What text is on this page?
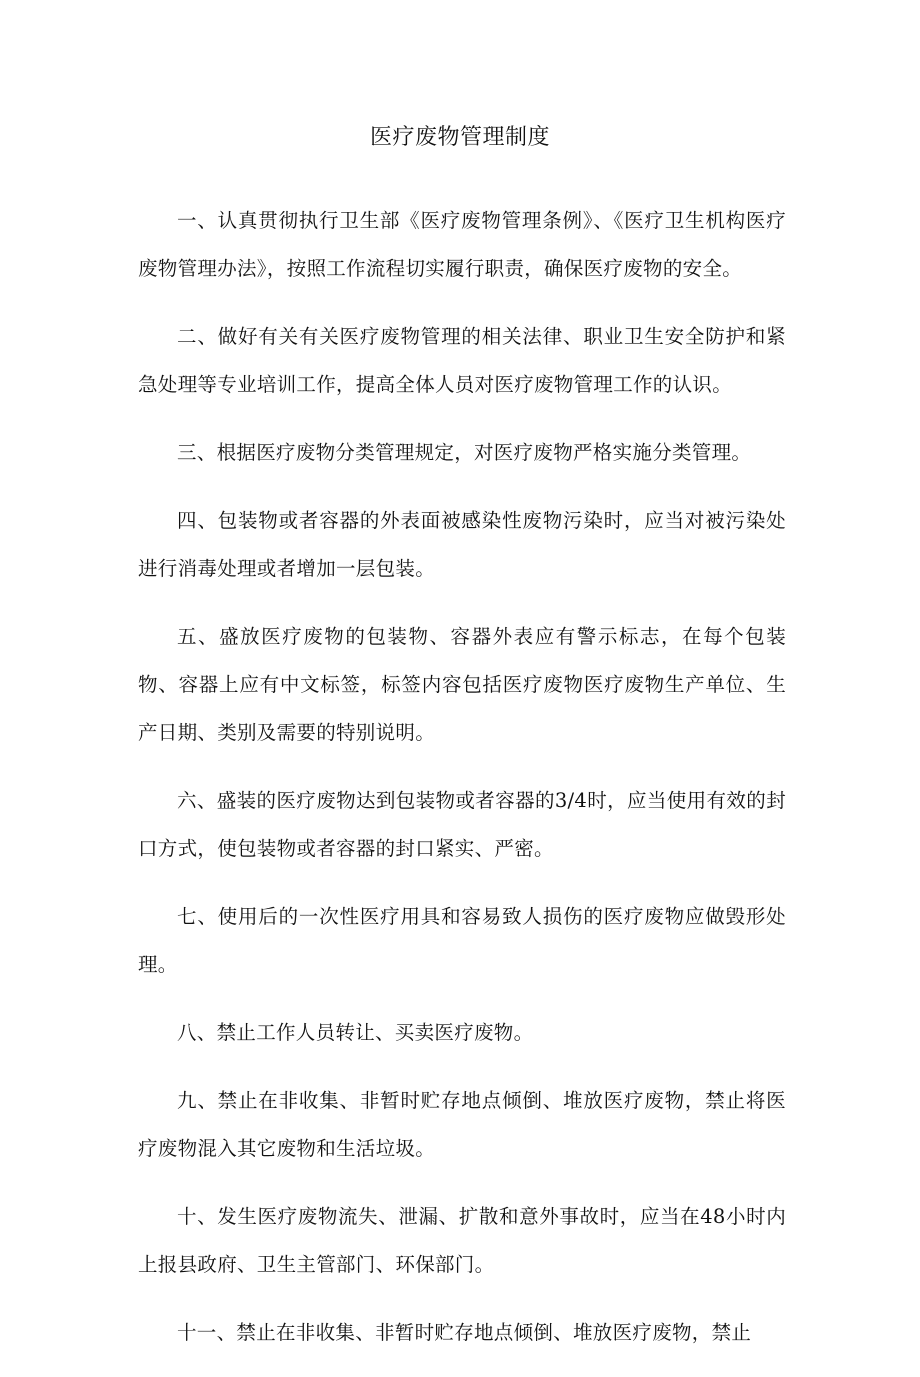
医疗废物管理制度

一、认真贯彻执行卫生部《医疗废物管理条例》、《医疗卫生机构医疗废物管理办法》，按照工作流程切实履行职责，确保医疗废物的安全。

二、做好有关有关医疗废物管理的相关法律、职业卫生安全防护和紧急处理等专业培训工作，提高全体人员对医疗废物管理工作的认识。

三、根据医疗废物分类管理规定，对医疗废物严格实施分类管理。

四、包装物或者容器的外表面被感染性废物污染时，应当对被污染处进行消毒处理或者增加一层包装。

五、盛放医疗废物的包装物、容器外表应有警示标志，在每个包装物、容器上应有中文标签，标签内容包括医疗废物医疗废物生产单位、生产日期、类别及需要的特别说明。

六、盛装的医疗废物达到包装物或者容器的3/4时，应当使用有效的封口方式，使包装物或者容器的封口紧实、严密。

七、使用后的一次性医疗用具和容易致人损伤的医疗废物应做毁形处理。

八、禁止工作人员转让、买卖医疗废物。

九、禁止在非收集、非暂时贮存地点倾倒、堆放医疗废物，禁止将医疗废物混入其它废物和生活垃圾。

十、发生医疗废物流失、泄漏、扩散和意外事故时，应当在48小时内上报县政府、卫生主管部门、环保部门。

十一、禁止在非收集、非暂时贮存地点倾倒、堆放医疗废物，禁止
